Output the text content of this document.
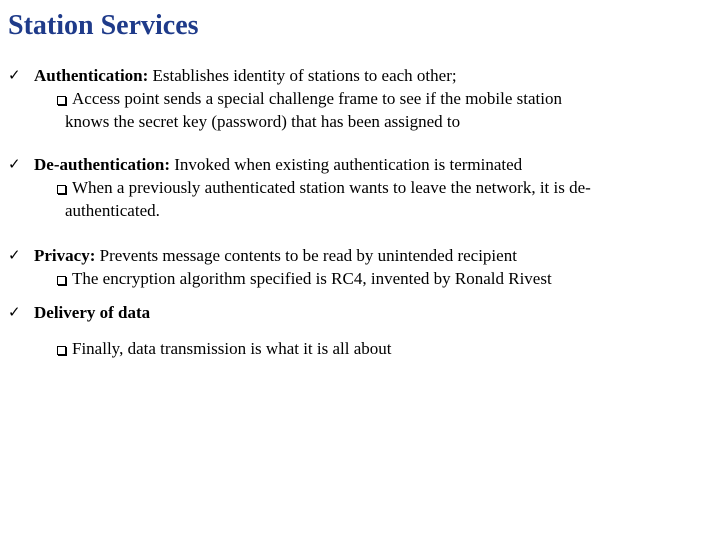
Station Services
✓ Authentication: Establishes identity of stations to each other;
Access point sends a special challenge frame to see if the mobile station
knows the secret key (password) that has been assigned to
✓ De-authentication: Invoked when existing authentication is terminated
When a previously authenticated station wants to leave the network, it is de-
authenticated.
✓ Privacy: Prevents message contents to be read by unintended recipient
The encryption algorithm specified is RC4, invented by Ronald Rivest
✓ Delivery of data
Finally, data transmission is what it is all about
